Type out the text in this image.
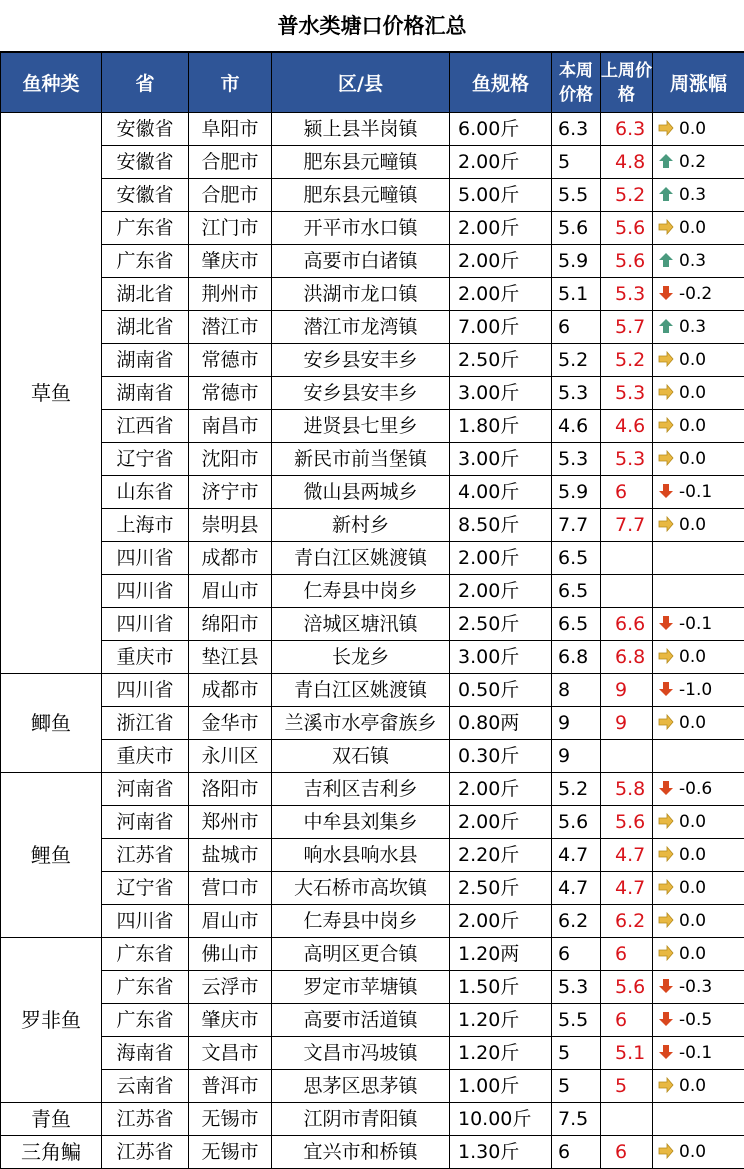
普水类塘口价格汇总
鱼种类	省	市	区/县	鱼规格	本周价格	上周价格	周涨幅
草鱼	安徽省	阜阳市	颍上县半岗镇	6.00斤	6.3	6.3	0.0
	安徽省	合肥市	肥东县元疃镇	2.00斤	5	4.8	0.2
	安徽省	合肥市	肥东县元疃镇	5.00斤	5.5	5.2	0.3
	广东省	江门市	开平市水口镇	2.00斤	5.6	5.6	0.0
	广东省	肇庆市	高要市白诸镇	2.00斤	5.9	5.6	0.3
	湖北省	荆州市	洪湖市龙口镇	2.00斤	5.1	5.3	-0.2
	湖北省	潜江市	潜江市龙湾镇	7.00斤	6	5.7	0.3
	湖南省	常德市	安乡县安丰乡	2.50斤	5.2	5.2	0.0
	湖南省	常德市	安乡县安丰乡	3.00斤	5.3	5.3	0.0
	江西省	南昌市	进贤县七里乡	1.80斤	4.6	4.6	0.0
	辽宁省	沈阳市	新民市前当堡镇	3.00斤	5.3	5.3	0.0
	山东省	济宁市	微山县两城乡	4.00斤	5.9	6	-0.1
	上海市	崇明县	新村乡	8.50斤	7.7	7.7	0.0
	四川省	成都市	青白江区姚渡镇	2.00斤	6.5		
	四川省	眉山市	仁寿县中岗乡	2.00斤	6.5		
	四川省	绵阳市	涪城区塘汛镇	2.50斤	6.5	6.6	-0.1
	重庆市	垫江县	长龙乡	3.00斤	6.8	6.8	0.0
鲫鱼	四川省	成都市	青白江区姚渡镇	0.50斤	8	9	-1.0
	浙江省	金华市	兰溪市水亭畲族乡	0.80两	9	9	0.0
	重庆市	永川区	双石镇	0.30斤	9		
鲤鱼	河南省	洛阳市	吉利区吉利乡	2.00斤	5.2	5.8	-0.6
	河南省	郑州市	中牟县刘集乡	2.00斤	5.6	5.6	0.0
	江苏省	盐城市	响水县响水县	2.20斤	4.7	4.7	0.0
	辽宁省	营口市	大石桥市高坎镇	2.50斤	4.7	4.7	0.0
	四川省	眉山市	仁寿县中岗乡	2.00斤	6.2	6.2	0.0
罗非鱼	广东省	佛山市	高明区更合镇	1.20两	6	6	0.0
	广东省	云浮市	罗定市苹塘镇	1.50斤	5.3	5.6	-0.3
	广东省	肇庆市	高要市活道镇	1.20斤	5.5	6	-0.5
	海南省	文昌市	文昌市冯坡镇	1.20斤	5	5.1	-0.1
	云南省	普洱市	思茅区思茅镇	1.00斤	5	5	0.0
青鱼	江苏省	无锡市	江阴市青阳镇	10.00斤	7.5		
三角鳊	江苏省	无锡市	宜兴市和桥镇	1.30斤	6	6	0.0
